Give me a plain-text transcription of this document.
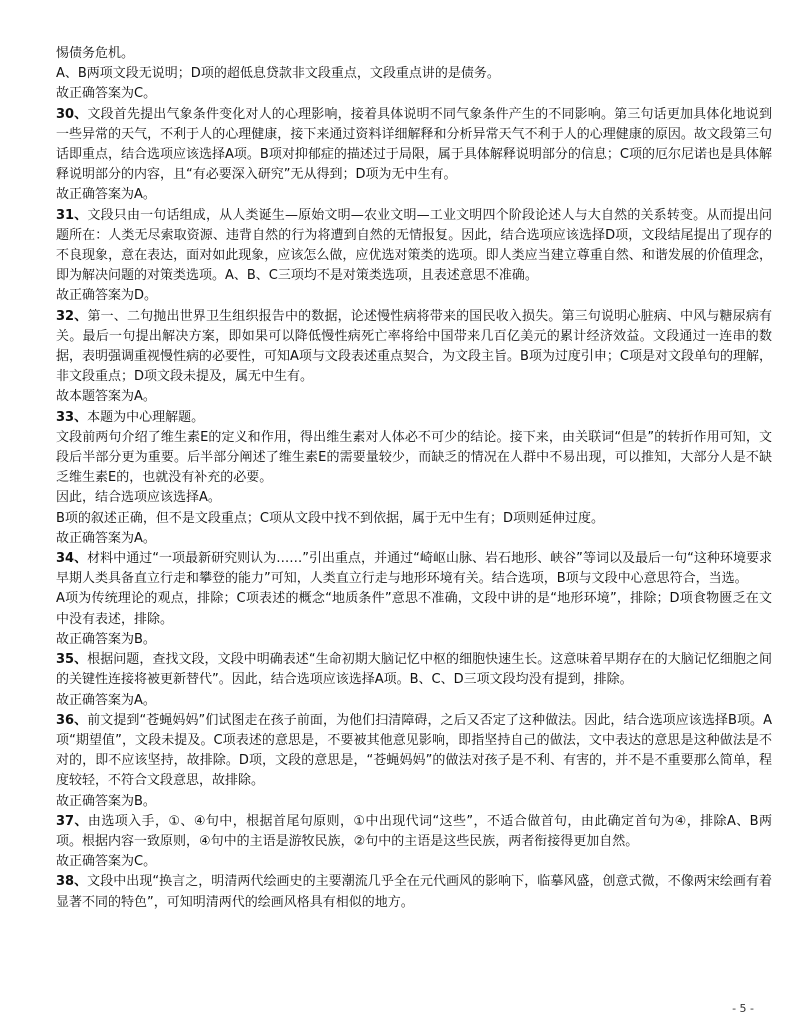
惕债务危机。

A、B两项文段无说明；D项的超低息贷款非文段重点，文段重点讲的是债务。

故正确答案为C。

30、文段首先提出气象条件变化对人的心理影响，接着具体说明不同气象条件产生的不同影响。第三句话更加具体化地说到一些异常的天气，不利于人的心理健康，接下来通过资料详细解释和分析异常天气不利于人的心理健康的原因。故文段第三句话即重点，结合选项应该选择A项。B项对抑郁症的描述过于局限，属于具体解释说明部分的信息；C项的厄尔尼诺也是具体解释说明部分的内容，且“有必要深入研究”无从得到；D项为无中生有。

故正确答案为A。

31、文段只由一句话组成，从人类诞生—原始文明—农业文明—工业文明四个阶段论述人与大自然的关系转变。从而提出问题所在：人类无尽索取资源、违背自然的行为将遭到自然的无情报复。因此，结合选项应该选择D项，文段结尾提出了现存的不良现象，意在表达，面对如此现象，应该怎么做，应优选对策类的选项。即人类应当建立尊重自然、和谐发展的价值理念，即为解决问题的对策类选项。A、B、C三项均不是对策类选项，且表述意思不准确。

故正确答案为D。

32、第一、二句抛出世界卫生组织报告中的数据，论述慢性病将带来的国民收入损失。第三句说明心脏病、中风与糖尿病有关。最后一句提出解决方案，即如果可以降低慢性病死亡率将给中国带来几百亿美元的累计经济效益。文段通过一连串的数据，表明强调重视慢性病的必要性，可知A项与文段表述重点契合，为文段主旨。B项为过度引申；C项是对文段单句的理解，非文段重点；D项文段未提及，属无中生有。

故本题答案为A。

33、本题为中心理解题。

文段前两句介绍了维生素E的定义和作用，得出维生素对人体必不可少的结论。接下来，由关联词“但是”的转折作用可知，文段后半部分更为重要。后半部分阐述了维生素E的需要量较少，而缺乏的情况在人群中不易出现，可以推知，大部分人是不缺乏维生素E的，也就没有补充的必要。

因此，结合选项应该选择A。

B项的叙述正确，但不是文段重点；C项从文段中找不到依据，属于无中生有；D项则延伸过度。

故正确答案为A。

34、材料中通过“一项最新研究则认为……”引出重点，并通过“崎岖山脉、岩石地形、峡谷”等词以及最后一句“这种环境要求早期人类具备直立行走和攀登的能力”可知，人类直立行走与地形环境有关。结合选项，B项与文段中心意思符合，当选。

A项为传统理论的观点，排除；C项表述的概念“地质条件”意思不准确，文段中讲的是“地形环境”，排除；D项食物匮乏在文中没有表述，排除。

故正确答案为B。

35、根据问题，查找文段，文段中明确表述“生命初期大脑记忆中枢的细胞快速生长。这意味着早期存在的大脑记忆细胞之间的关键性连接将被更新替代”。因此，结合选项应该选择A项。B、C、D三项文段均没有提到，排除。

故正确答案为A。

36、前文提到“苍蝇妈妈”们试图走在孩子前面，为他们扫清障碍，之后又否定了这种做法。因此，结合选项应该选择B项。A项“期望值”，文段未提及。C项表述的意思是，不要被其他意见影响，即指坚持自己的做法，文中表达的意思是这种做法是不对的，即不应该坚持，故排除。D项，文段的意思是，“苍蝇妈妈”的做法对孩子是不利、有害的，并不是不重要那么简单，程度较轻，不符合文段意思，故排除。

故正确答案为B。

37、由选项入手，①、④句中，根据首尾句原则，①中出现代词“这些”，不适合做首句，由此确定首句为④，排除A、B两项。根据内容一致原则，④句中的主语是游牧民族，②句中的主语是这些民族，两者衔接得更加自然。

故正确答案为C。

38、文段中出现“换言之，明清两代绘画史的主要潮流几乎全在元代画风的影响下，临摹风盛，创意式微，不像两宋绘画有着显著不同的特色”，可知明清两代的绘画风格具有相似的地方。

- 5 -
